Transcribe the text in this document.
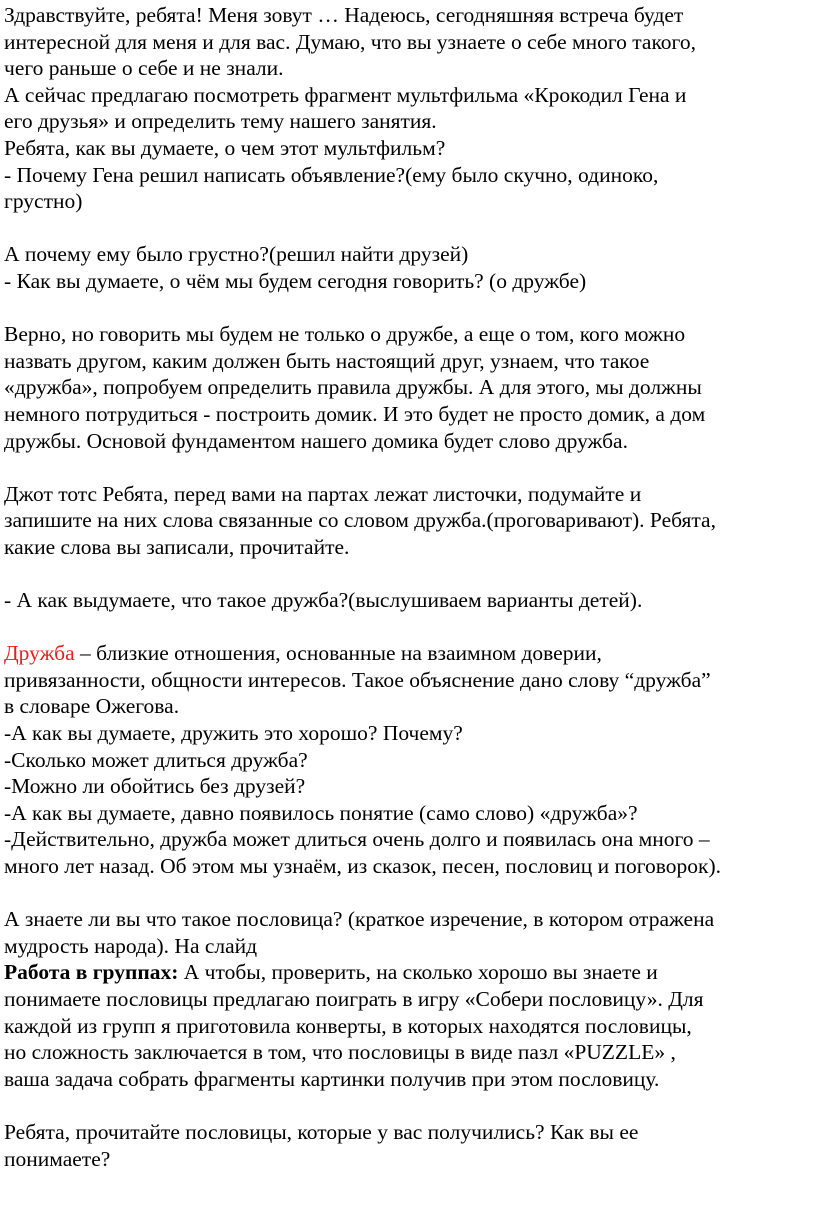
Здравствуйте, ребята! Меня зовут … Надеюсь, сегодняшняя встреча будет
интересной для меня и для вас. Думаю, что вы узнаете о себе много такого,
чего раньше о себе и не знали.
А сейчас предлагаю посмотреть фрагмент мультфильма «Крокодил Гена и
его друзья» и определить тему нашего занятия.
Ребята, как вы думаете, о чем этот мультфильм?
- Почему Гена решил написать объявление?(ему было скучно, одиноко,
грустно)
А почему ему было грустно?(решил найти друзей)
- Как вы думаете, о чём мы будем сегодня говорить? (о дружбе)
Верно, но говорить мы будем не только о дружбе, а еще о том, кого можно
назвать другом, каким должен быть настоящий друг, узнаем, что такое
«дружба», попробуем определить правила дружбы. А для этого, мы должны
немного потрудиться - построить домик. И это будет не просто домик, а дом
дружбы. Основой фундаментом нашего домика будет слово дружба.
Джот тотс Ребята, перед вами на партах лежат листочки, подумайте и
запишите на них слова связанные со словом дружба.(проговаривают). Ребята,
какие слова вы записали, прочитайте.
- А как выдумаете, что такое дружба?(выслушиваем варианты детей).
Дружба – близкие отношения, основанные на взаимном доверии,
привязанности, общности интересов. Такое объяснение дано слову “дружба”
в словаре Ожегова.
-А как вы думаете, дружить это хорошо? Почему?
-Сколько может длиться дружба?
-Можно ли обойтись без друзей?
-А как вы думаете, давно появилось понятие (само слово) «дружба»?
-Действительно, дружба может длиться очень долго и появилась она много –
много лет назад. Об этом мы узнаём, из сказок, песен, пословиц и поговорок).
А знаете ли вы что такое пословица? (краткое изречение, в котором отражена
мудрость народа). На слайд
Работа в группах: А чтобы, проверить, на сколько хорошо вы знаете и
понимаете пословицы предлагаю поиграть в игру «Собери пословицу». Для
каждой из групп я приготовила конверты, в которых находятся пословицы,
но сложность заключается в том, что пословицы в виде пазл «PUZZLE» ,
ваша задача собрать фрагменты картинки получив при этом пословицу.
Ребята, прочитайте пословицы, которые у вас получились? Как вы ее
понимаете?
